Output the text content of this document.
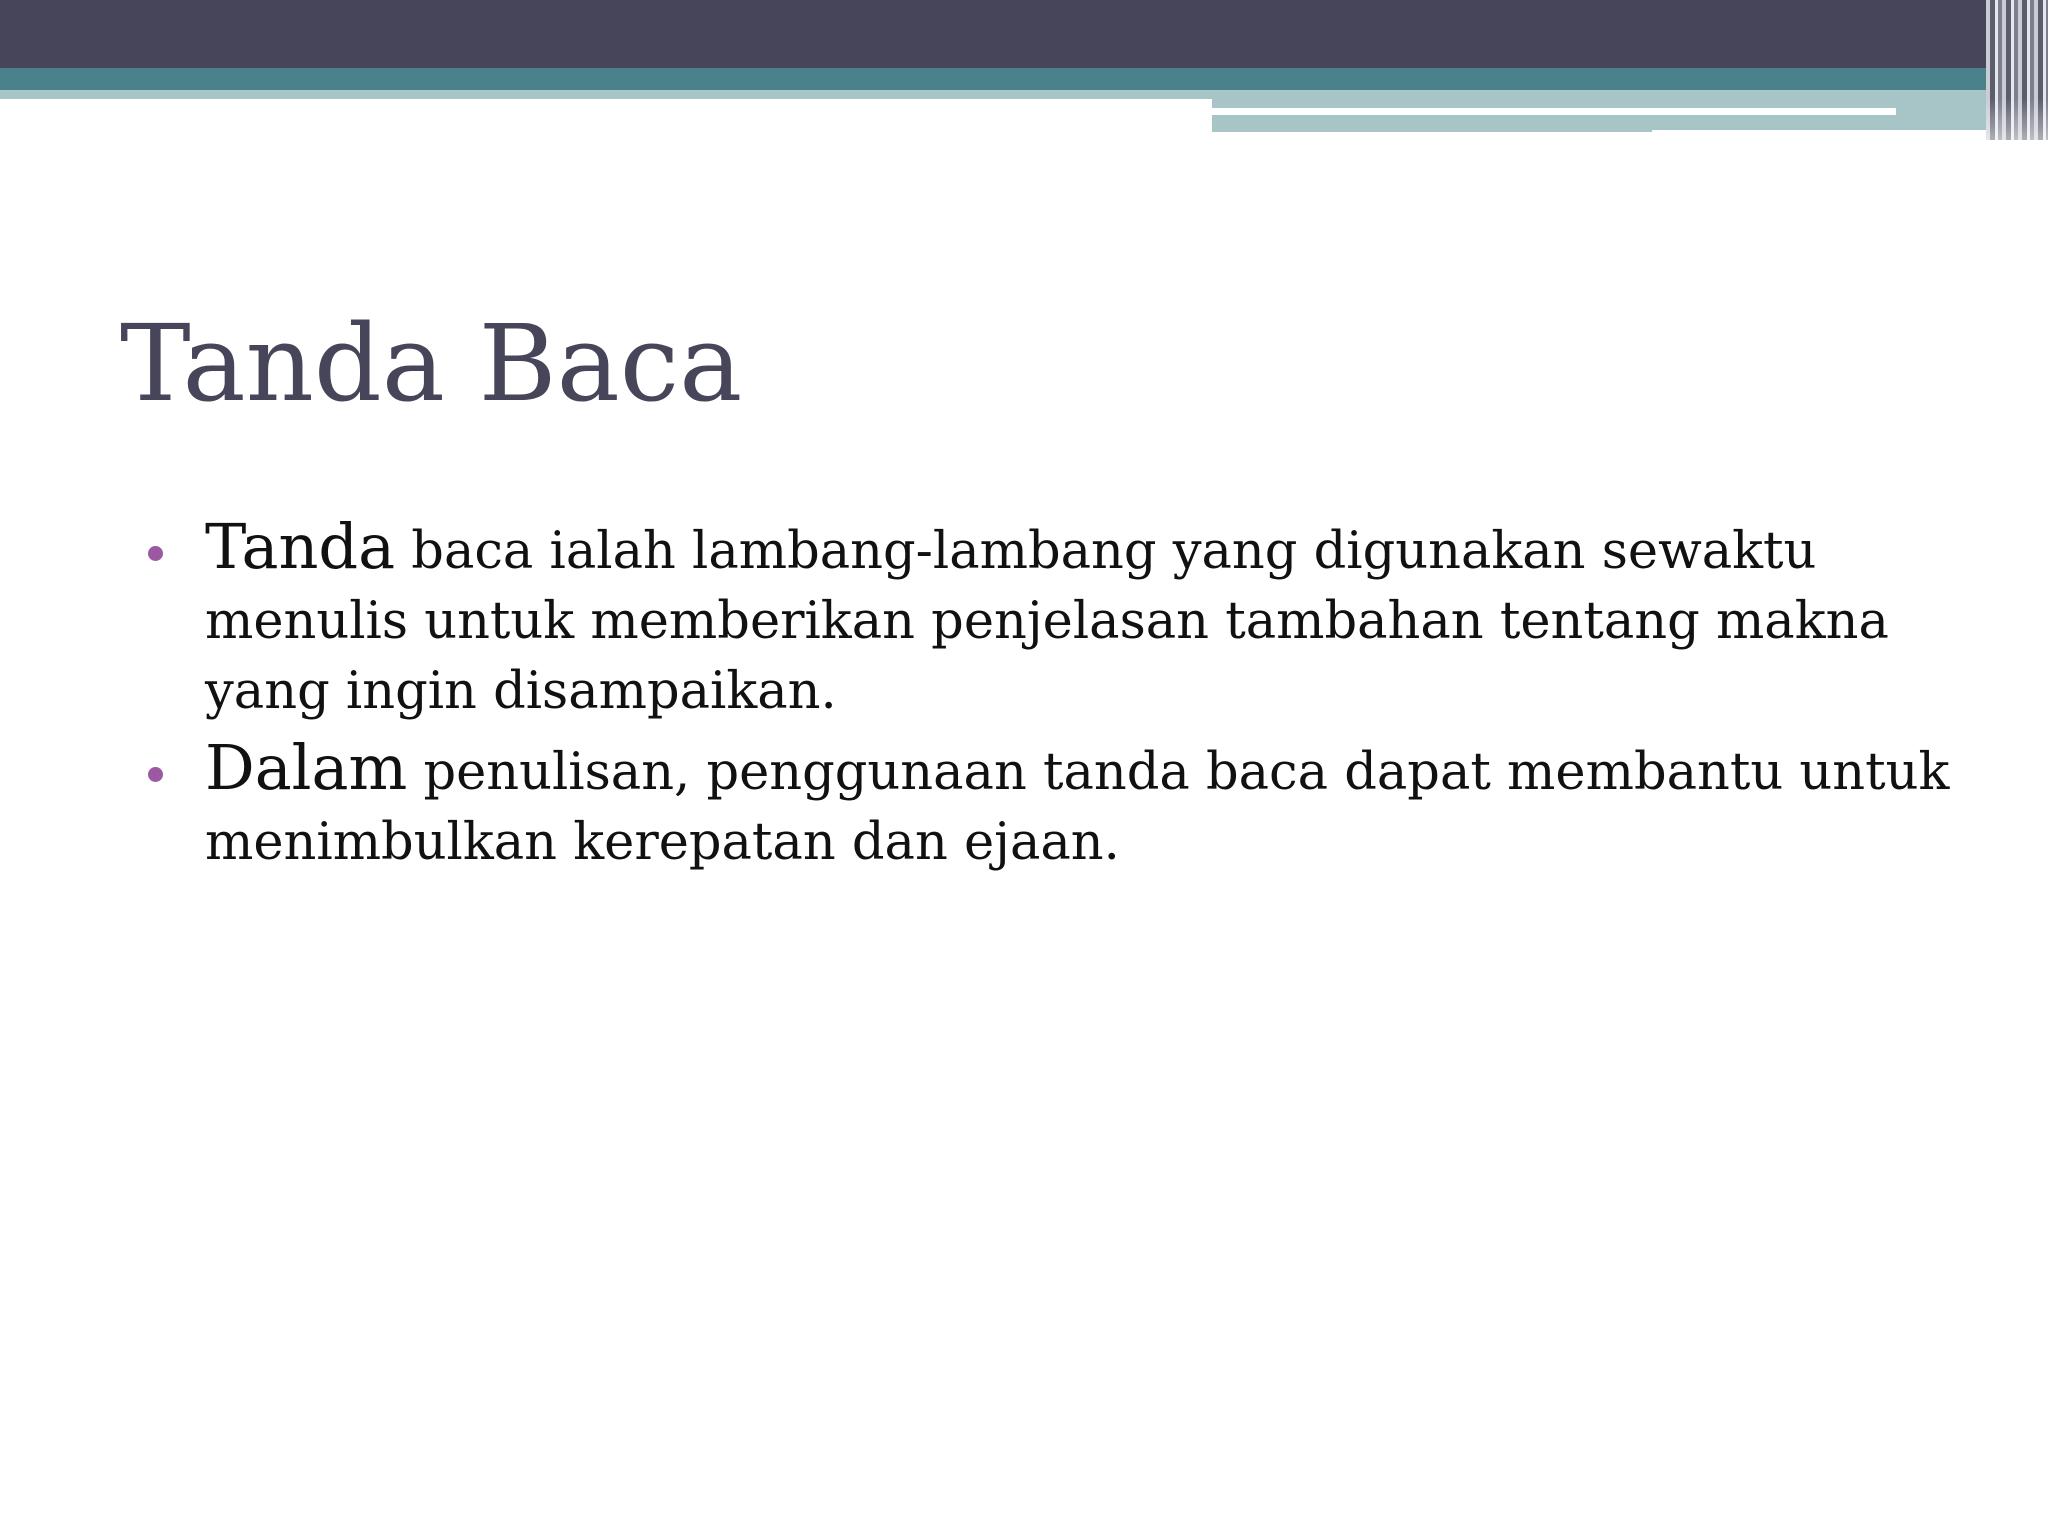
Tanda Baca
Tanda baca ialah lambang-lambang yang digunakan sewaktu menulis untuk memberikan penjelasan tambahan tentang makna yang ingin disampaikan.
Dalam penulisan, penggunaan tanda baca dapat membantu untuk menimbulkan kerepatan dan ejaan.
